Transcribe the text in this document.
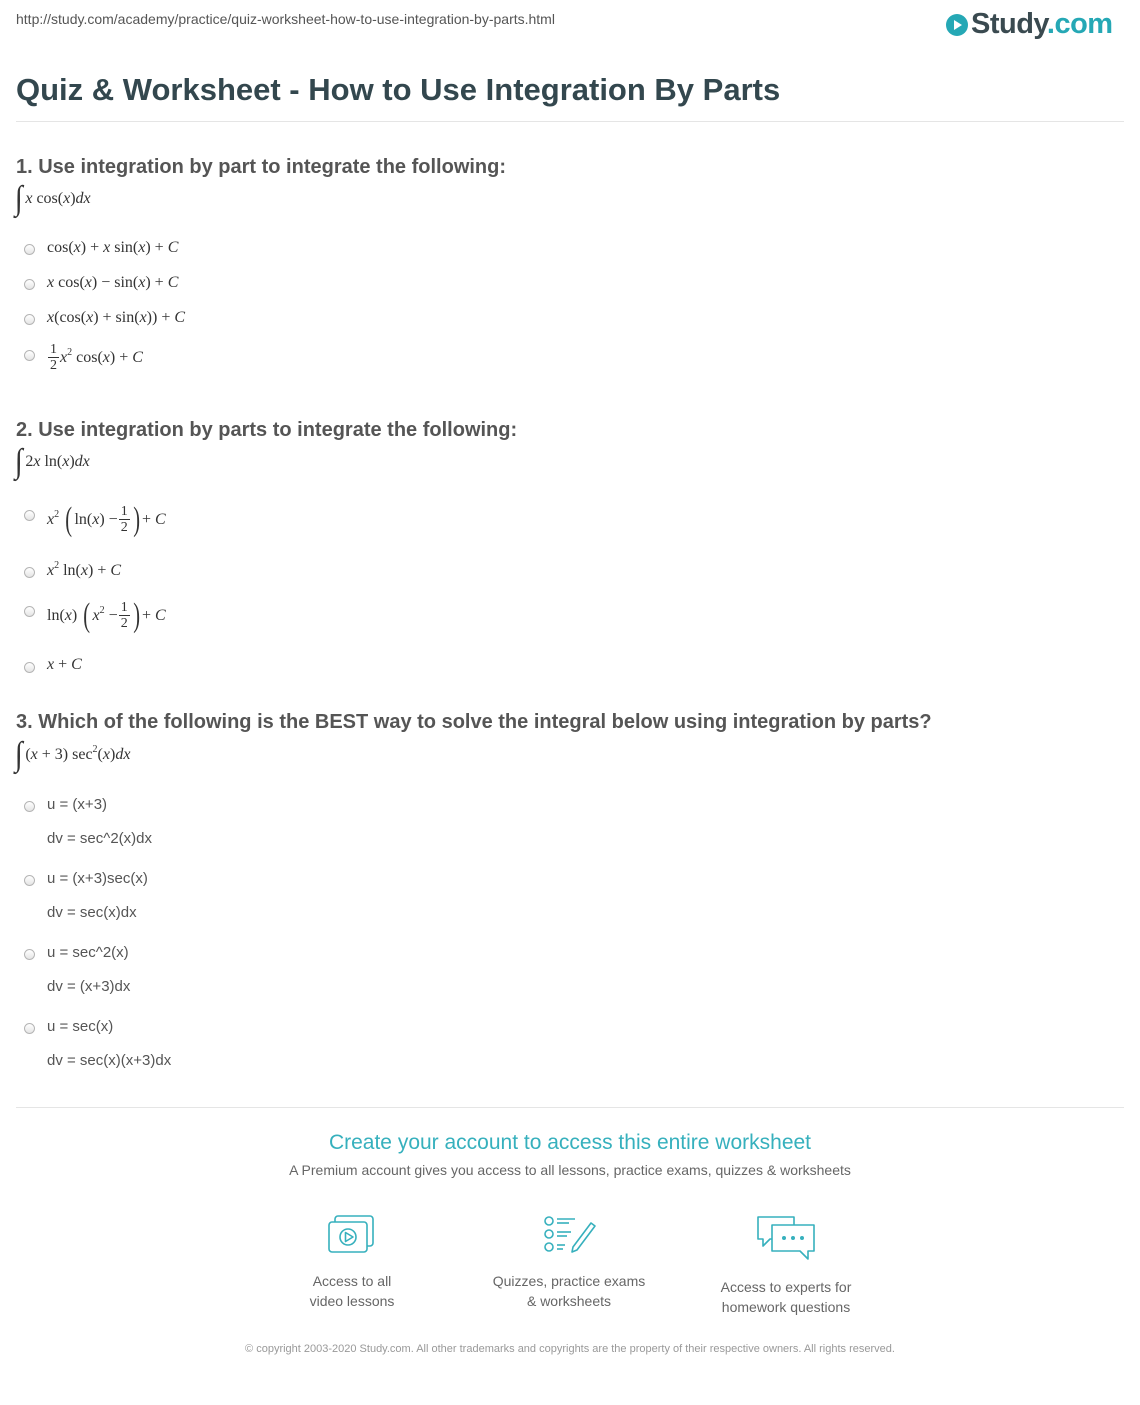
http://study.com/academy/practice/quiz-worksheet-how-to-use-integration-by-parts.html	Study.com
Quiz & Worksheet - How to Use Integration By Parts
1. Use integration by part to integrate the following:
∫ x cos(x)dx
cos(x) + x sin(x) + C
x cos(x) − sin(x) + C
x(cos(x) + sin(x)) + C
$\frac{1}{2} x^2$ cos(x) + C
2. Use integration by parts to integrate the following:
∫ 2x ln(x)dx
$x^2$ ( $\ln(x) - \frac{1}{2}$ ) + C
$x^2$ ln(x) + C
ln(x) ( $x^2 - \frac{1}{2}$ ) + C
x + C
3. Which of the following is the BEST way to solve the integral below using integration by parts?
∫ (x + 3) $\sec^2(x)dx$
u = (x+3)
dv = sec^2(x)dx
u = (x+3)sec(x)
dv = sec(x)dx
u = sec^2(x)
dv = (x+3)dx
u = sec(x)
dv = sec(x)(x+3)dx
Create your account to access this entire worksheet
A Premium account gives you access to all lessons, practice exams, quizzes & worksheets
Access to all
video lessons
Quizzes, practice exams
& worksheets
Access to experts for
homework questions
© copyright 2003-2020 Study.com. All other trademarks and copyrights are the property of their respective owners. All rights reserved.
